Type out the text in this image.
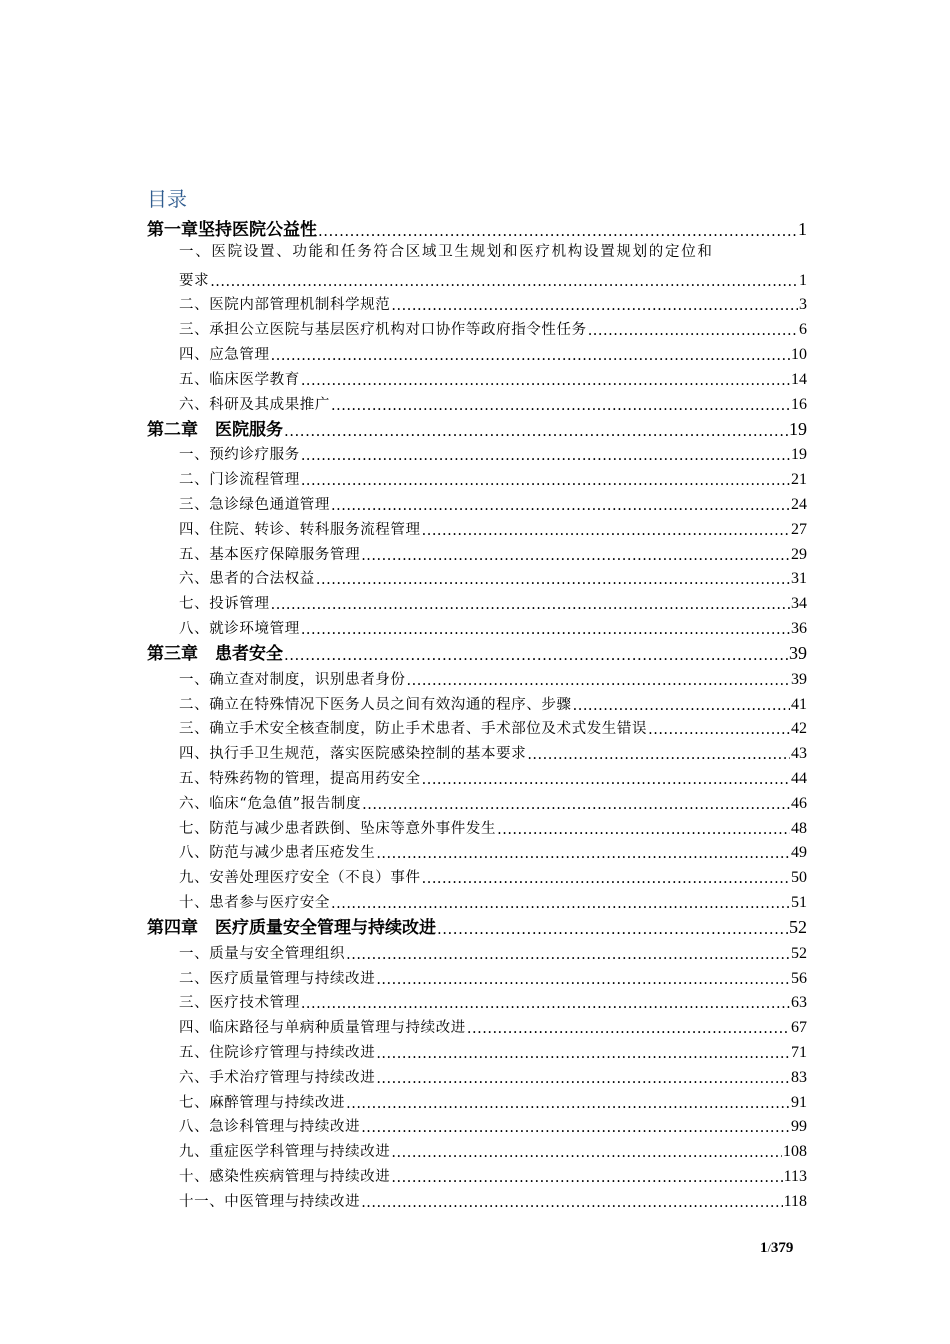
目录
第一章坚持医院公益性 .....	1
一、医院设置、功能和任务符合区域卫生规划和医疗机构设置规划的定位和
要求 .....	1
二、医院内部管理机制科学规范 .....	3
三、承担公立医院与基层医疗机构对口协作等政府指令性任务 .....	6
四、应急管理 .....	10
五、临床医学教育 .....	14
六、科研及其成果推广 .....	16
第二章　医院服务 .....	19
一、预约诊疗服务 .....	19
二、门诊流程管理 .....	21
三、急诊绿色通道管理 .....	24
四、住院、转诊、转科服务流程管理 .....	27
五、基本医疗保障服务管理 .....	29
六、患者的合法权益 .....	31
七、投诉管理 .....	34
八、就诊环境管理 .....	36
第三章　患者安全 .....	39
一、确立查对制度，识别患者身份 .....	39
二、确立在特殊情况下医务人员之间有效沟通的程序、步骤 .....	41
三、确立手术安全核查制度，防止手术患者、手术部位及术式发生错误 .....	42
四、执行手卫生规范，落实医院感染控制的基本要求 .....	43
五、特殊药物的管理，提高用药安全 .....	44
六、临床“危急值”报告制度 .....	46
七、防范与减少患者跌倒、坠床等意外事件发生 .....	48
八、防范与减少患者压疮发生 .....	49
九、安善处理医疗安全（不良）事件 .....	50
十、患者参与医疗安全 .....	51
第四章　医疗质量安全管理与持续改进 .....	52
一、质量与安全管理组织 .....	52
二、医疗质量管理与持续改进 .....	56
三、医疗技术管理 .....	63
四、临床路径与单病种质量管理与持续改进 .....	67
五、住院诊疗管理与持续改进 .....	71
六、手术治疗管理与持续改进 .....	83
七、麻醉管理与持续改进 .....	91
八、急诊科管理与持续改进 .....	99
九、重症医学科管理与持续改进 .....	108
十、感染性疾病管理与持续改进 .....	113
十一、中医管理与持续改进 .....	118
1/379
